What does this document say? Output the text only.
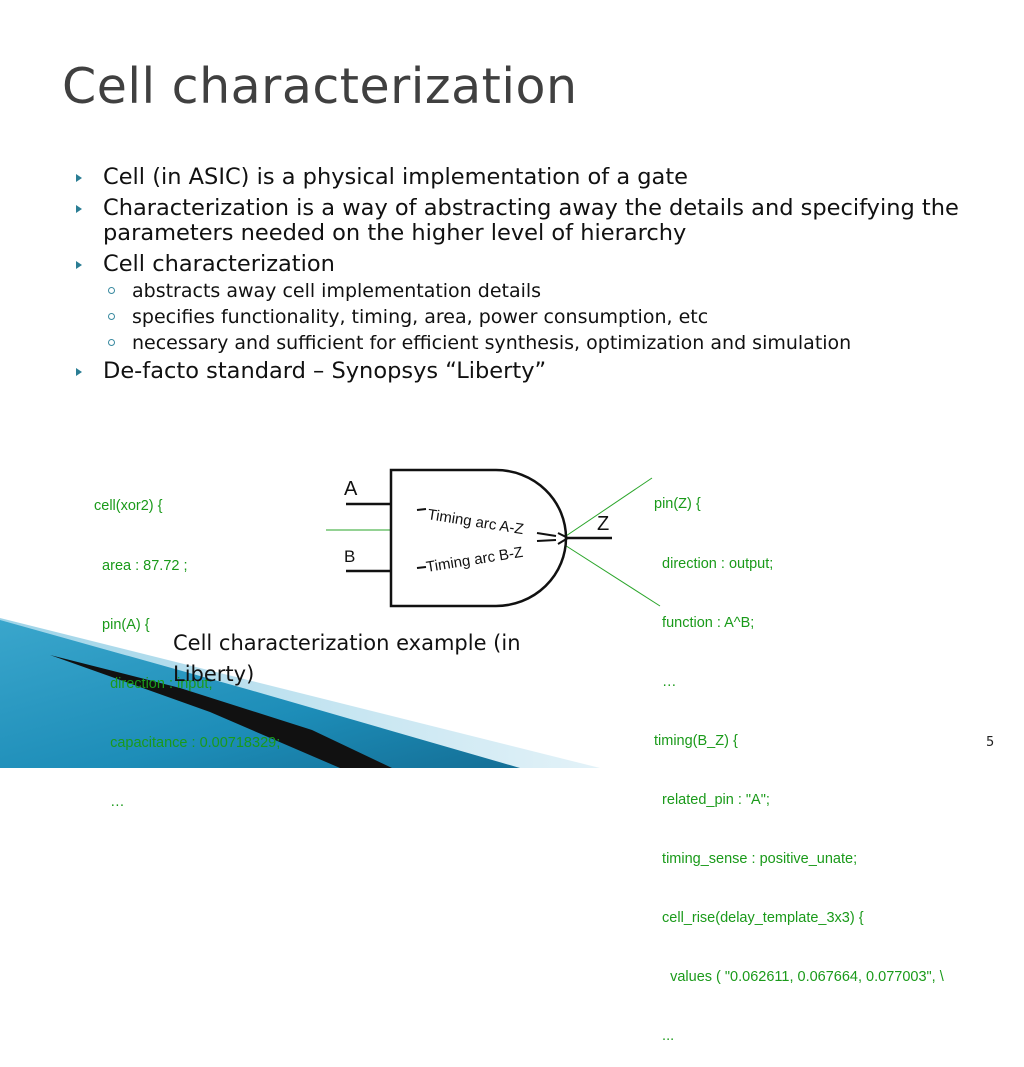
Cell characterization
Cell (in ASIC) is a physical implementation of a gate
Characterization is a way of abstracting away the details and specifying the parameters needed on the higher level of hierarchy
Cell characterization
abstracts away cell implementation details
specifies functionality, timing, area, power consumption, etc
necessary and sufficient for efficient synthesis, optimization and simulation
De-facto standard – Synopsys “Liberty”

cell(xor2) {

area : 87.72 ;

pin(A) {

direction : input;

capacitance : 0.00718329;

…

pin(Z) {

direction : output;

function : A^B;

…

timing(B_Z) {

related_pin : "A";

timing_sense : positive_unate;

cell_rise(delay_template_3x3) {

values ( "0.062611, 0.067664, 0.077003", \

...

A
B
Z
Timing arc A-Z
Timing arc B-Z
Cell characterization example (in Liberty)
5
